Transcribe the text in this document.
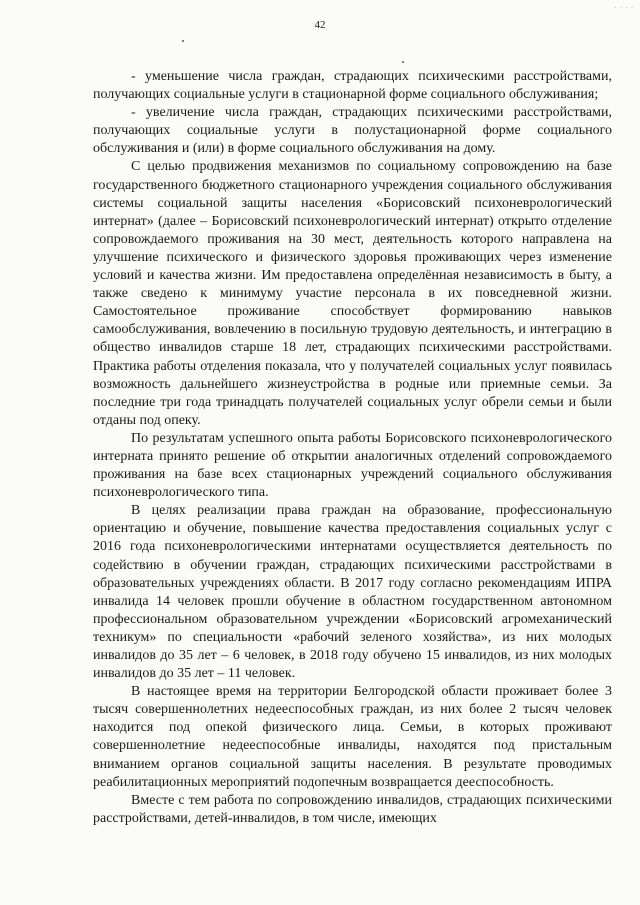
. . . .
42

- уменьшение числа граждан, страдающих психическими расстройствами, получающих социальные услуги в стационарной форме социального обслуживания;

- увеличение числа граждан, страдающих психическими расстройствами, получающих социальные услуги в полустационарной форме социального обслуживания и (или) в форме социального обслуживания на дому.

С целью продвижения механизмов по социальному сопровождению на базе государственного бюджетного стационарного учреждения социального обслуживания системы социальной защиты населения «Борисовский психоневрологический интернат» (далее – Борисовский психоневрологический интернат) открыто отделение сопровождаемого проживания на 30 мест, деятельность которого направлена на улучшение психического и физического здоровья проживающих через изменение условий и качества жизни. Им предоставлена определённая независимость в быту, а также сведено к минимуму участие персонала в их повседневной жизни. Самостоятельное проживание способствует формированию навыков самообслуживания, вовлечению в посильную трудовую деятельность, и интеграцию в общество инвалидов старше 18 лет, страдающих психическими расстройствами. Практика работы отделения показала, что у получателей социальных услуг появилась возможность дальнейшего жизнеустройства в родные или приемные семьи. За последние три года тринадцать получателей социальных услуг обрели семьи и были отданы под опеку.

По результатам успешного опыта работы Борисовского психоневрологического интерната принято решение об открытии аналогичных отделений сопровождаемого проживания на базе всех стационарных учреждений социального обслуживания психоневрологического типа.

В целях реализации права граждан на образование, профессиональную ориентацию и обучение, повышение качества предоставления социальных услуг с 2016 года психоневрологическими интернатами осуществляется деятельность по содействию в обучении граждан, страдающих психическими расстройствами в образовательных учреждениях области. В 2017 году согласно рекомендациям ИПРА инвалида 14 человек прошли обучение в областном государственном автономном профессиональном образовательном учреждении «Борисовский агромеханический техникум» по специальности «рабочий зеленого хозяйства», из них молодых инвалидов до 35 лет – 6 человек, в 2018 году обучено 15 инвалидов, из них молодых инвалидов до 35 лет – 11 человек.

В настоящее время на территории Белгородской области проживает более 3 тысяч совершеннолетних недееспособных граждан, из них более 2 тысяч человек находится под опекой физического лица. Семьи, в которых проживают совершеннолетние недееспособные инвалиды, находятся под пристальным вниманием органов социальной защиты населения. В результате проводимых реабилитационных мероприятий подопечным возвращается дееспособность.

Вместе с тем работа по сопровождению инвалидов, страдающих психическими расстройствами, детей-инвалидов, в том числе, имеющих
